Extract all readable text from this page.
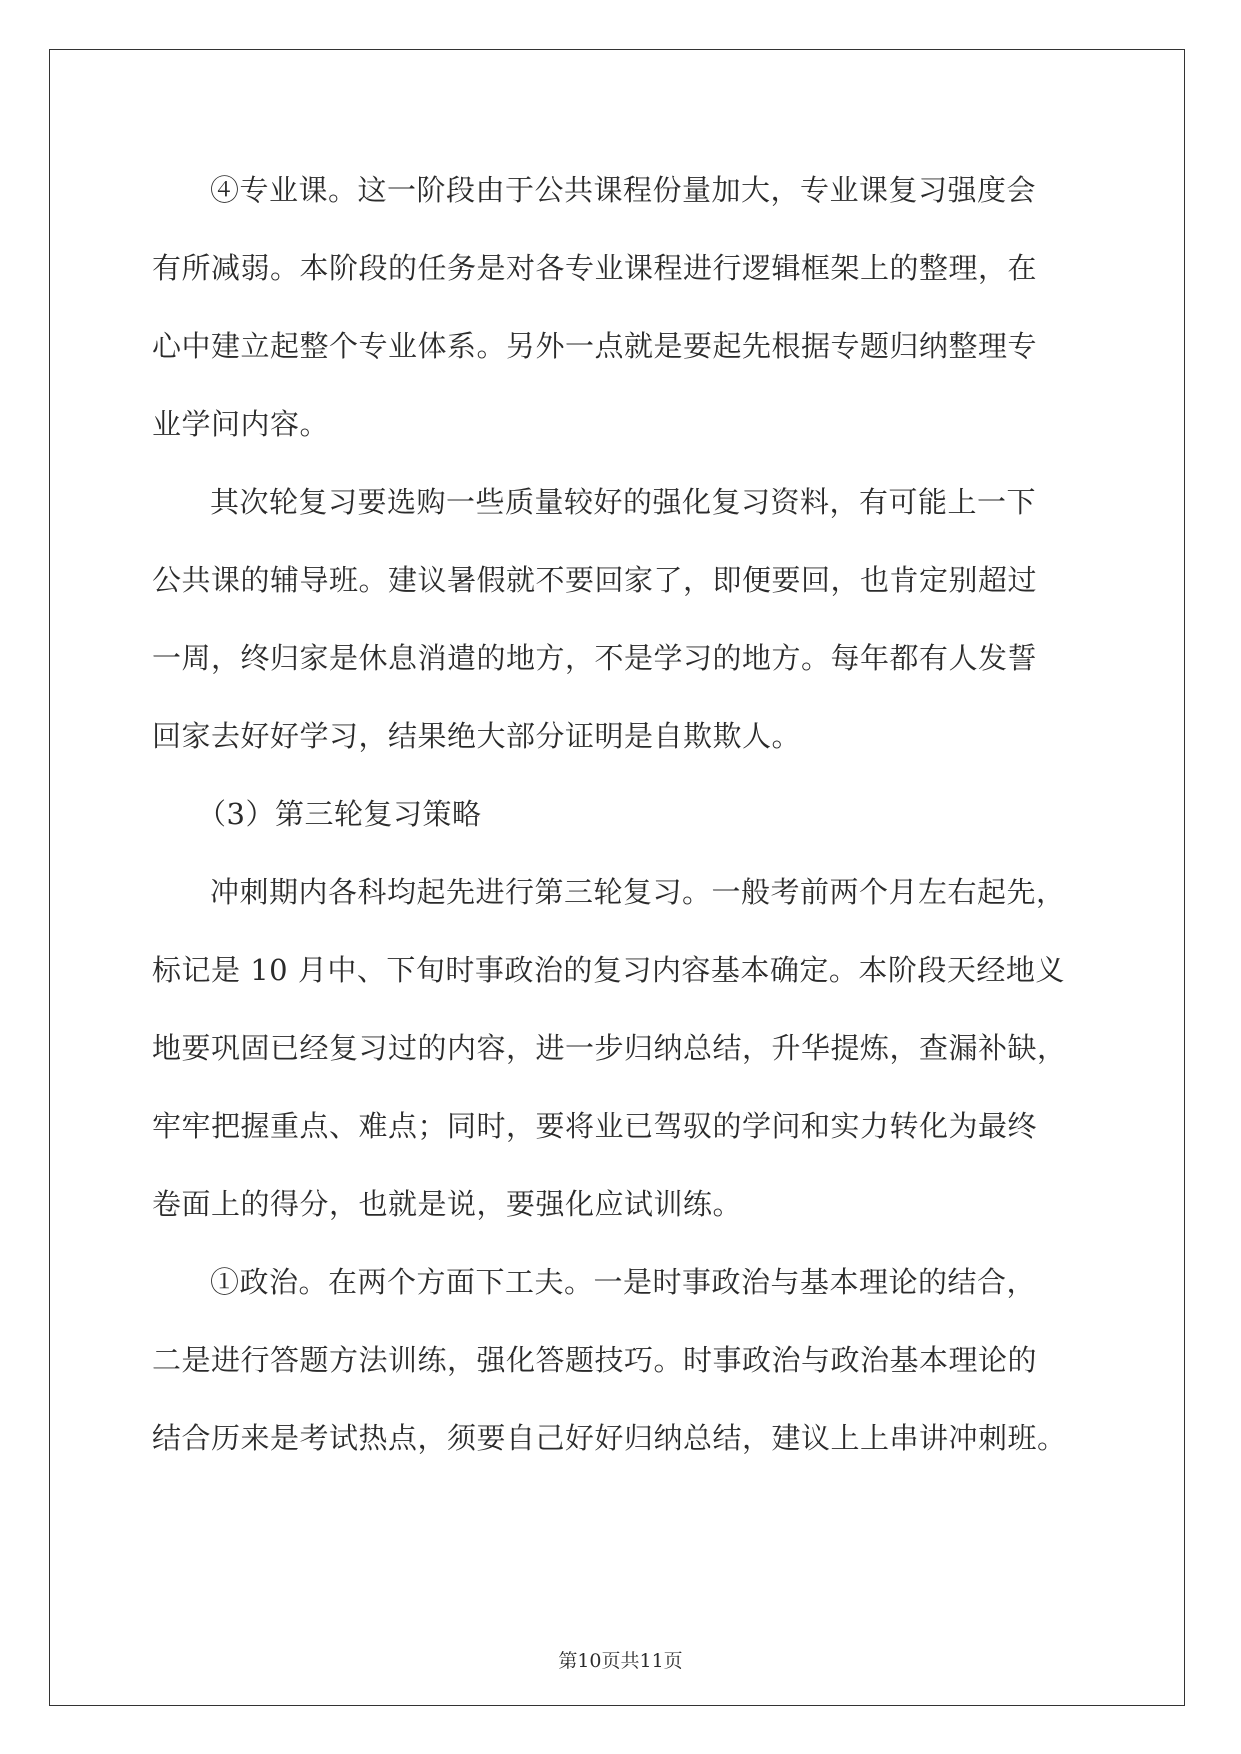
④专业课。这一阶段由于公共课程份量加大，专业课复习强度会

有所减弱。本阶段的任务是对各专业课程进行逻辑框架上的整理，在

心中建立起整个专业体系。另外一点就是要起先根据专题归纳整理专

业学问内容。

其次轮复习要选购一些质量较好的强化复习资料，有可能上一下

公共课的辅导班。建议暑假就不要回家了，即便要回，也肯定别超过

一周，终归家是休息消遣的地方，不是学习的地方。每年都有人发誓

回家去好好学习，结果绝大部分证明是自欺欺人。

（3）第三轮复习策略

冲刺期内各科均起先进行第三轮复习。一般考前两个月左右起先，

标记是 10 月中、下旬时事政治的复习内容基本确定。本阶段天经地义

地要巩固已经复习过的内容，进一步归纳总结，升华提炼，查漏补缺，

牢牢把握重点、难点；同时，要将业已驾驭的学问和实力转化为最终

卷面上的得分，也就是说，要强化应试训练。

①政治。在两个方面下工夫。一是时事政治与基本理论的结合，

二是进行答题方法训练，强化答题技巧。时事政治与政治基本理论的

结合历来是考试热点，须要自己好好归纳总结，建议上上串讲冲刺班。

第10页共11页
